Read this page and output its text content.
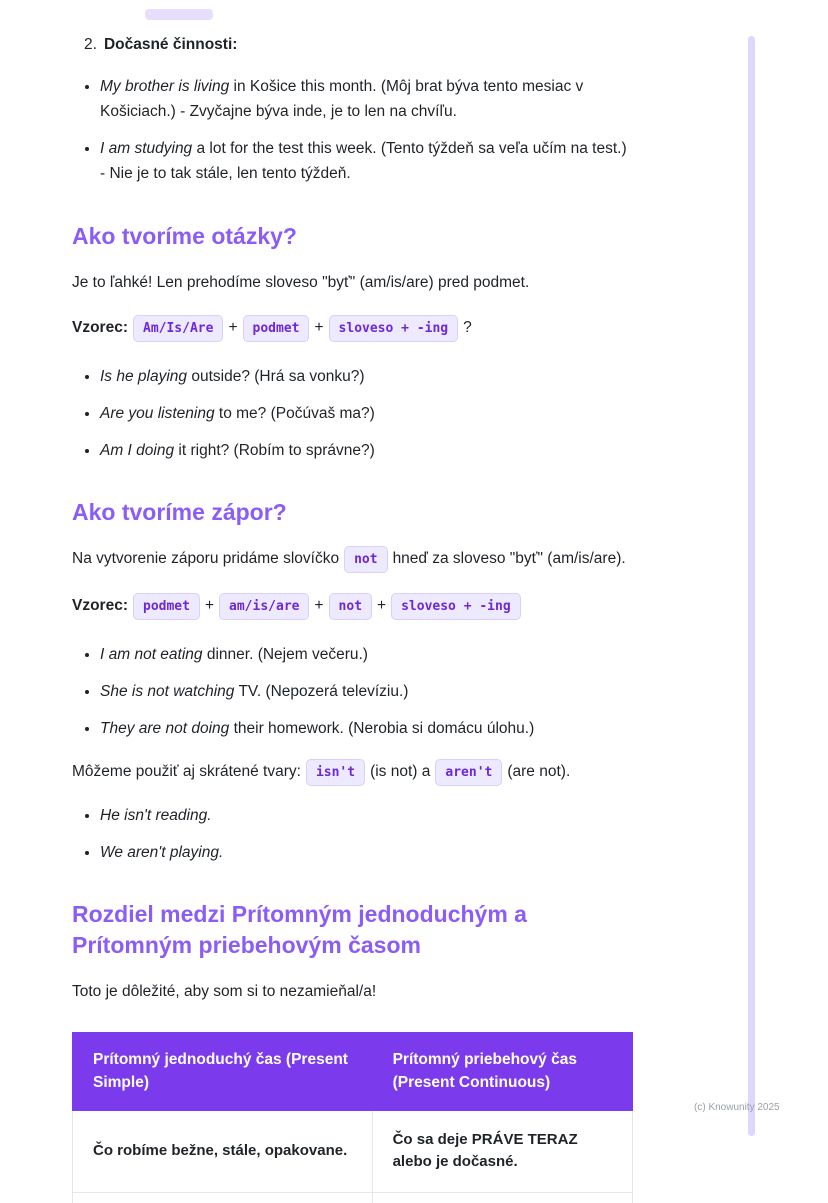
2. Dočasné činnosti:
• My brother is living in Košice this month. (Môj brat býva tento mesiac v Košiciach.) - Zvyčajne býva inde, je to len na chvíľu.
• I am studying a lot for the test this week. (Tento týždeň sa veľa učím na test.) - Nie je to tak stále, len tento týždeň.
Ako tvoríme otázky?

Je to ľahké! Len prehodíme sloveso "byť" (am/is/are) pred podmet.

Vzorec: Am/Is/Are + podmet + sloveso + -ing ?

• Is he playing outside? (Hrá sa vonku?)
• Are you listening to me? (Počúvaš ma?)
• Am I doing it right? (Robím to správne?)
Ako tvoríme zápor?

Na vytvorenie záporu pridáme slovíčko not hneď za sloveso "byť" (am/is/are).

Vzorec: podmet + am/is/are + not + sloveso + -ing

• I am not eating dinner. (Nejem večeru.)
• She is not watching TV. (Nepozerá televíziu.)
• They are not doing their homework. (Nerobia si domácu úlohu.)

Môžeme použiť aj skrátené tvary: isn't (is not) a aren't (are not).

• He isn't reading.
• We aren't playing.
Rozdiel medzi Prítomným jednoduchým a Prítomným priebehovým časom

Toto je dôležité, aby som si to nezamieňal/a!

Prítomný jednoduchý čas (Present Simple)	Prítomný priebehový čas (Present Continuous)
Čo robíme bežne, stále, opakovane.	Čo sa deje PRÁVE TERAZ alebo je dočasné.

(c) Knowunity 2025
